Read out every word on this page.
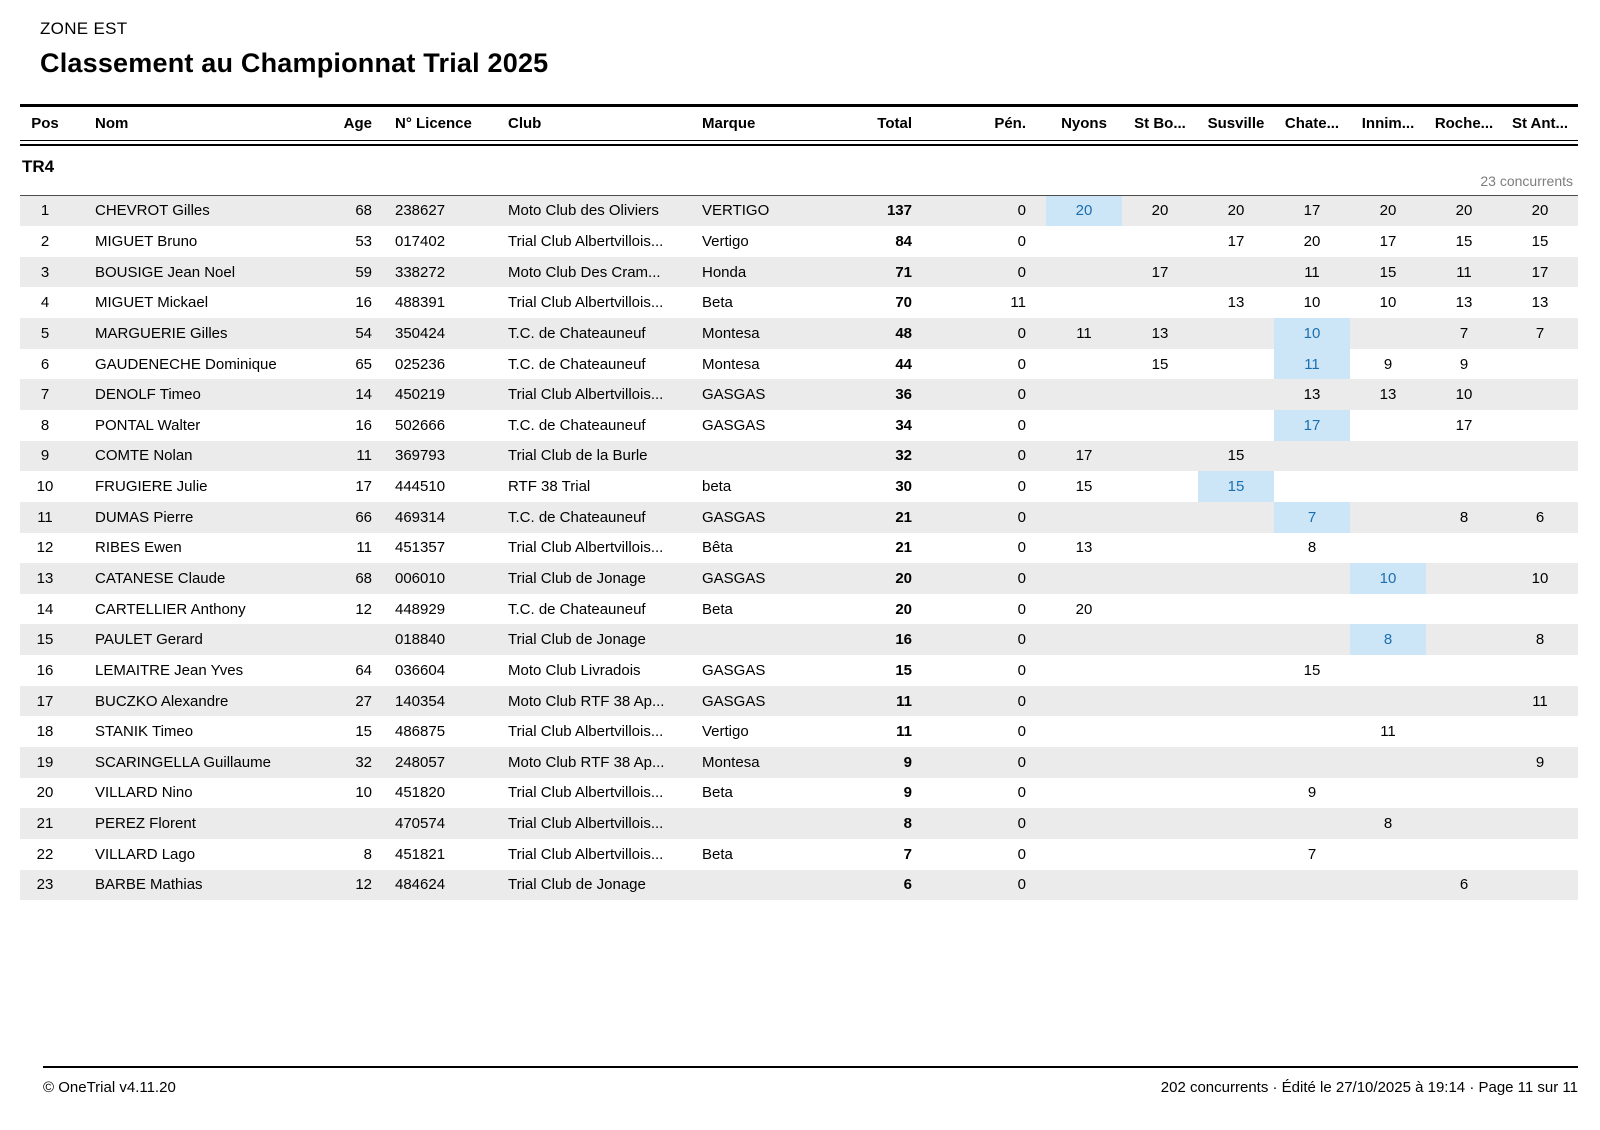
ZONE EST
Classement au Championnat Trial 2025
Pos	Nom	Age	N° Licence	Club	Marque	Total	Pén.	Nyons	St Bo...	Susville	Chate...	Innim...	Roche...	St Ant...
TR4
23 concurrents
1	CHEVROT Gilles	68	238627	Moto Club des Oliviers	VERTIGO	137	0	20	20	20	17	20	20	20
2	MIGUET Bruno	53	017402	Trial Club Albertvillois...	Vertigo	84	0			17	20	17	15	15
3	BOUSIGE Jean Noel	59	338272	Moto Club Des Cram...	Honda	71	0		17		11	15	11	17
4	MIGUET Mickael	16	488391	Trial Club Albertvillois...	Beta	70	11			13	10	10	13	13
5	MARGUERIE Gilles	54	350424	T.C. de Chateauneuf	Montesa	48	0	11	13		10		7	7
6	GAUDENECHE Dominique	65	025236	T.C. de Chateauneuf	Montesa	44	0		15		11	9	9	
7	DENOLF Timeo	14	450219	Trial Club Albertvillois...	GASGAS	36	0				13	13	10	
8	PONTAL Walter	16	502666	T.C. de Chateauneuf	GASGAS	34	0				17		17	
9	COMTE Nolan	11	369793	Trial Club de la Burle		32	0	17		15				
10	FRUGIERE Julie	17	444510	RTF 38 Trial	beta	30	0	15		15				
11	DUMAS Pierre	66	469314	T.C. de Chateauneuf	GASGAS	21	0				7		8	6
12	RIBES Ewen	11	451357	Trial Club Albertvillois...	Bêta	21	0	13			8			
13	CATANESE Claude	68	006010	Trial Club de Jonage	GASGAS	20	0					10		10
14	CARTELLIER Anthony	12	448929	T.C. de Chateauneuf	Beta	20	0	20						
15	PAULET Gerard		018840	Trial Club de Jonage		16	0					8		8
16	LEMAITRE Jean Yves	64	036604	Moto Club Livradois	GASGAS	15	0				15			
17	BUCZKO Alexandre	27	140354	Moto Club RTF 38 Ap...	GASGAS	11	0							11
18	STANIK Timeo	15	486875	Trial Club Albertvillois...	Vertigo	11	0					11		
19	SCARINGELLA Guillaume	32	248057	Moto Club RTF 38 Ap...	Montesa	9	0							9
20	VILLARD Nino	10	451820	Trial Club Albertvillois...	Beta	9	0				9			
21	PEREZ Florent		470574	Trial Club Albertvillois...		8	0					8		
22	VILLARD Lago	8	451821	Trial Club Albertvillois...	Beta	7	0				7			
23	BARBE Mathias	12	484624	Trial Club de Jonage		6	0						6	
© OneTrial v4.11.20	202 concurrents · Édité le 27/10/2025 à 19:14 · Page 11 sur 11
